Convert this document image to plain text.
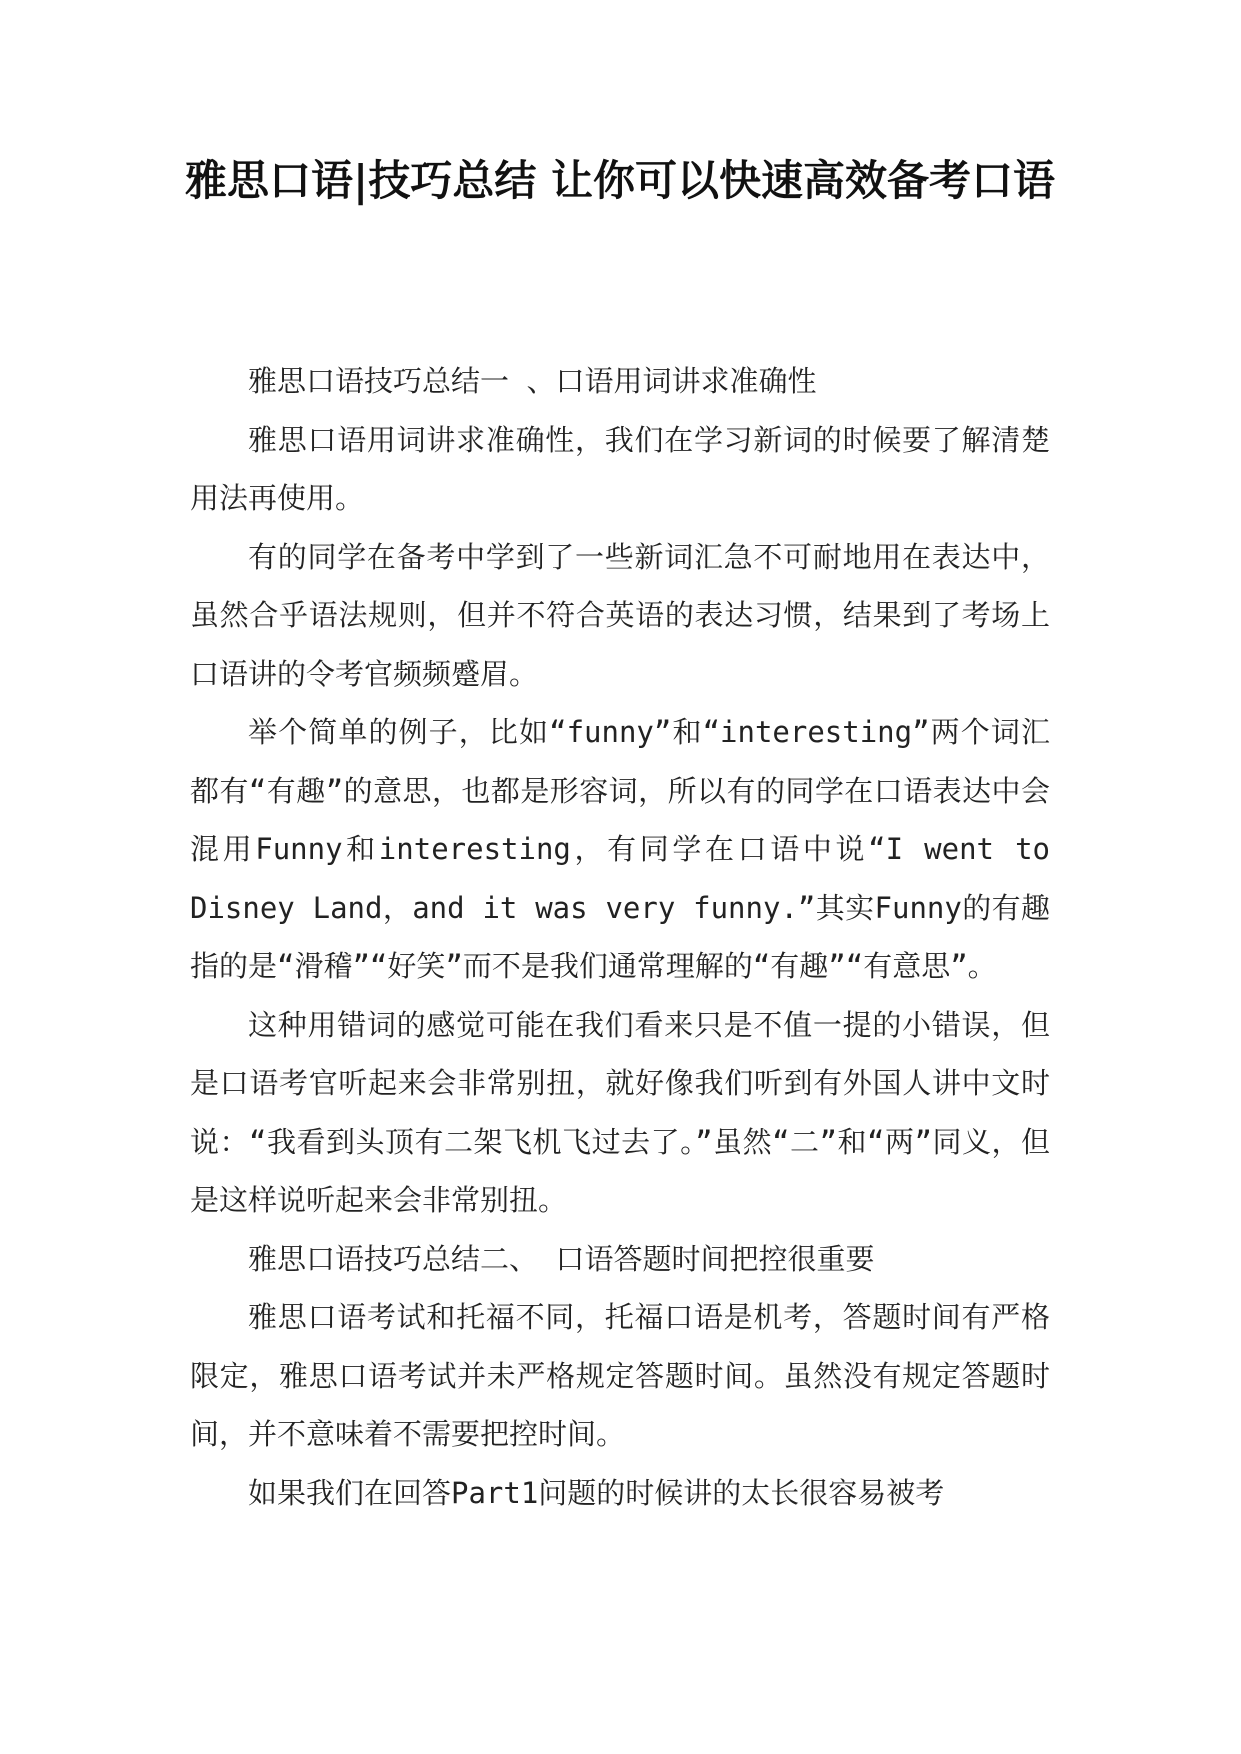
雅思口语|技巧总结 让你可以快速高效备考口语

雅思口语技巧总结一 、口语用词讲求准确性

雅思口语用词讲求准确性，我们在学习新词的时候要了解清楚用法再使用。

有的同学在备考中学到了一些新词汇急不可耐地用在表达中，虽然合乎语法规则，但并不符合英语的表达习惯，结果到了考场上口语讲的令考官频频蹙眉。

举个简单的例子，比如“funny”和“interesting”两个词汇都有“有趣”的意思，也都是形容词，所以有的同学在口语表达中会混用Funny和interesting，有同学在口语中说“I went to Disney Land，and it was very funny.”其实Funny的有趣指的是“滑稽”“好笑”而不是我们通常理解的“有趣”“有意思”。

这种用错词的感觉可能在我们看来只是不值一提的小错误，但是口语考官听起来会非常别扭，就好像我们听到有外国人讲中文时说：“我看到头顶有二架飞机飞过去了。”虽然“二”和“两”同义，但是这样说听起来会非常别扭。

雅思口语技巧总结二、 口语答题时间把控很重要

雅思口语考试和托福不同，托福口语是机考，答题时间有严格限定，雅思口语考试并未严格规定答题时间。虽然没有规定答题时间，并不意味着不需要把控时间。

如果我们在回答Part1问题的时候讲的太长很容易被考
